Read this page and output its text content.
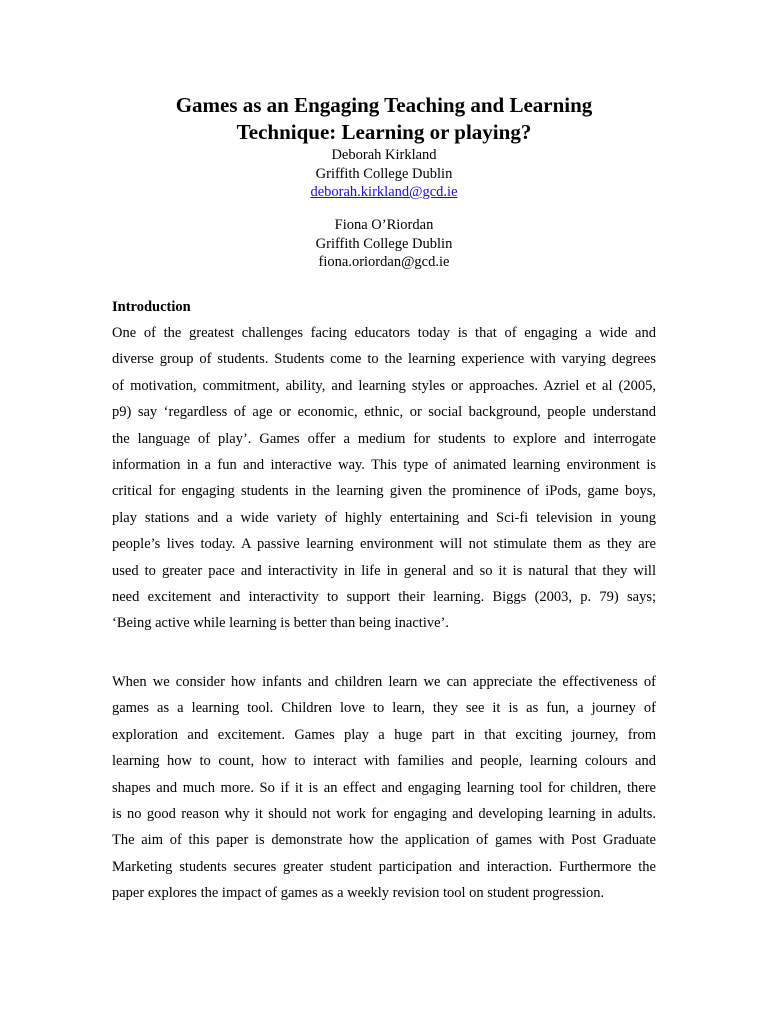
Games as an Engaging Teaching and Learning
Technique: Learning or playing?
Deborah Kirkland
Griffith College Dublin
deborah.kirkland@gcd.ie
Fiona O’Riordan
Griffith College Dublin
fiona.oriordan@gcd.ie
Introduction

One of the greatest challenges facing educators today is that of engaging a wide and
diverse group of students. Students come to the learning experience with varying degrees
of motivation, commitment, ability, and learning styles or approaches. Azriel et al (2005,
p9) say ‘regardless of age or economic, ethnic, or social background, people understand
the language of play’. Games offer a medium for students to explore and interrogate
information in a fun and interactive way. This type of animated learning environment is
critical for engaging students in the learning given the prominence of iPods, game boys,
play stations and a wide variety of highly entertaining and Sci-fi television in young
people’s lives today. A passive learning environment will not stimulate them as they are
used to greater pace and interactivity in life in general and so it is natural that they will
need excitement and interactivity to support their learning. Biggs (2003, p. 79) says;
‘Being active while learning is better than being inactive’.

When we consider how infants and children learn we can appreciate the effectiveness of
games as a learning tool. Children love to learn, they see it is as fun, a journey of
exploration and excitement. Games play a huge part in that exciting journey, from
learning how to count, how to interact with families and people, learning colours and
shapes and much more. So if it is an effect and engaging learning tool for children, there
is no good reason why it should not work for engaging and developing learning in adults.
The aim of this paper is demonstrate how the application of games with Post Graduate
Marketing students secures greater student participation and interaction. Furthermore the
paper explores the impact of games as a weekly revision tool on student progression.
